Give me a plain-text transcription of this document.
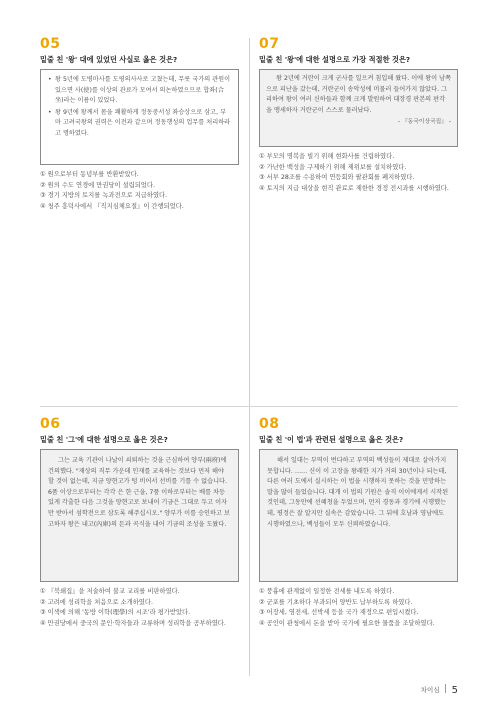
05
밑줄 친 '왕' 대에 있었던 사실로 옳은 것은?
• 왕 5년에 도병마사를 도평의사사로 고쳤는데, 무릇 국가의 관원이 있으면 사(使)를 이상의 관료가 모여서 의논하였으므로 합좌(合坐)라는 이름이 있었다.
• 왕 9년에 왕께서 몸을 쾌활하게 정동중서성 좌승상으로 삼고, 부마 고려국왕의 권력은 이전과 같으며 정동행성의 업무를 처리하라고 명하였다.
① 원으로부터 동녕부를 반환받았다.
② 원의 수도 연경에 만권당이 설립되었다.
③ 경기 지방의 토지를 녹과전으로 지급하였다.
④ 청주 흥덕사에서 『직지심체요절』이 간행되었다.
07
밑줄 친 '왕'에 대한 설명으로 가장 적절한 것은?
왕 2년에 거란이 크게 군사를 일으켜 침입해 왔다. 이에 왕이 남쪽으로 피난을 갔는데, 거란군이 송악성에 머물러 들어가지 않았다. 그리하여 왕이 여러 신하들과 함께 크게 발원하여 대장경 판본의 판각을 맹세하자 거란군이 스스로 물러났다.
- 『동국이상국집』 -
① 부모의 명복을 빌기 위해 현화사를 건립하였다.
② 가난한 백성을 구제하기 위해 제위보를 설치하였다.
③ 서부 28조를 수용하여 연등회와 팔관회를 폐지하였다.
④ 토지의 지급 대상을 현직 관료로 제한한 경정 전시과를 시행하였다.
06
밑줄 친 '그'에 대한 설명으로 옳은 것은?
그는 교육 기관이 나날이 쇠퇴하는 것을 근심하여 양부(兩府)에 건의했다. "재상의 직무 가운데 인재를 교육하는 것보다 먼저 해야 할 것이 없는데, 지금 양현고가 텅 비어서 선비를 기를 수 없습니다. 6품 이상으로부터는 각각 은 한 근을, 7품 이하로부터는 베를 차등 있게 각출한 다음 그것을 양현고로 보내어 기금은 그대로 두고 이자만 받아서 섬학전으로 삼도록 해주십시오." 양부가 이를 승인하고 보고하자 왕은 내고(內庫)의 돈과 곡식을 내어 기금의 조성을 도왔다.
① 『북쇄집』을 저술하여 불교 교리를 비판하였다.
② 고려에 성리학을 처음으로 소개하였다.
③ 이색에 의해 '동방 이학(理學)의 시조'라 평가받았다.
④ 만권당에서 중국의 문인·학자들과 교류하며 성리학을 공부하였다.
08
밑줄 친 '이 법'과 관련된 설명으로 옳은 것은?
해서 일대는 부역이 번다하고 부역의 백성들이 제대로 살아가지 못합니다. …… 신이 이 고장을 왕래한 지가 거의 30년이나 되는데, 다른 여러 도에서 실시하는 이 법을 시행하지 못하는 것을 민망하는 말을 많이 들었습니다. 대개 이 법의 기원은 솔직 이이에게서 시작된 것인데, 그동안에 선혜청을 두었으며, 먼저 경동과 경기에 시행했는데, 평정은 잘 알지만 실속은 감았습니다. 그 뒤에 호남과 영남에도 시행하였으나, 백성들이 모두 신뢰하였습니다.
① 풍흉에 관계없이 일정한 전세를 내도록 하였다.
② 군포를 기초하다 부과되어 양반도 납부하도록 하였다.
③ 어장세, 염전세, 선박세 등을 국가 재정으로 편입시켰다.
④ 공인이 관청에서 돈을 받아 국가에 필요한 물품을 조달하였다.
차이심 5
